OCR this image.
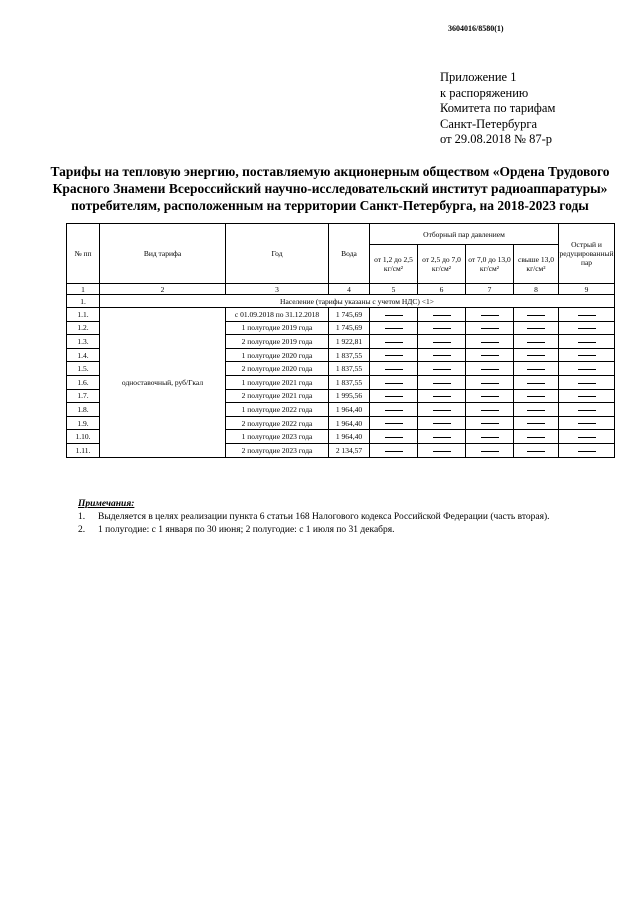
3604016/8580(1)
Приложение 1
к распоряжению
Комитета по тарифам
Санкт-Петербурга
от 29.08.2018 № 87-р
Тарифы на тепловую энергию, поставляемую акционерным обществом «Ордена Трудового Красного Знамени Всероссийский научно-исследовательский институт радиоаппаратуры» потребителям, расположенным на территории Санкт-Петербурга, на 2018-2023 годы
№ пп	Вид тарифа	Год	Вода	Отборный пар давлением				Острый и редуцированный пар
				от 1,2 до 2,5 кг/см²	от 2,5 до 7,0 кг/см²	от 7,0 до 13,0 кг/см²	свыше 13,0 кг/см²	
1	2	3	4	5	6	7	8	9
1.	Население (тарифы указаны с учетом НДС) <1>							
1.1.	одноставочный, руб/Гкал	с 01.09.2018 по 31.12.2018	1 745,69					
1.2.		1 полугодие 2019 года	1 745,69					
1.3.		2 полугодие 2019 года	1 922,81					
1.4.		1 полугодие 2020 года	1 837,55					
1.5.		2 полугодие 2020 года	1 837,55					
1.6.		1 полугодие 2021 года	1 837,55					
1.7.		2 полугодие 2021 года	1 995,56					
1.8.		1 полугодие 2022 года	1 964,40					
1.9.		2 полугодие 2022 года	1 964,40					
1.10.		1 полугодие 2023 года	1 964,40					
1.11.		2 полугодие 2023 года	2 134,57					
Примечания:
1. Выделяется в целях реализации пункта 6 статьи 168 Налогового кодекса Российской Федерации (часть вторая).
2. 1 полугодие: с 1 января по 30 июня; 2 полугодие: с 1 июля по 31 декабря.
